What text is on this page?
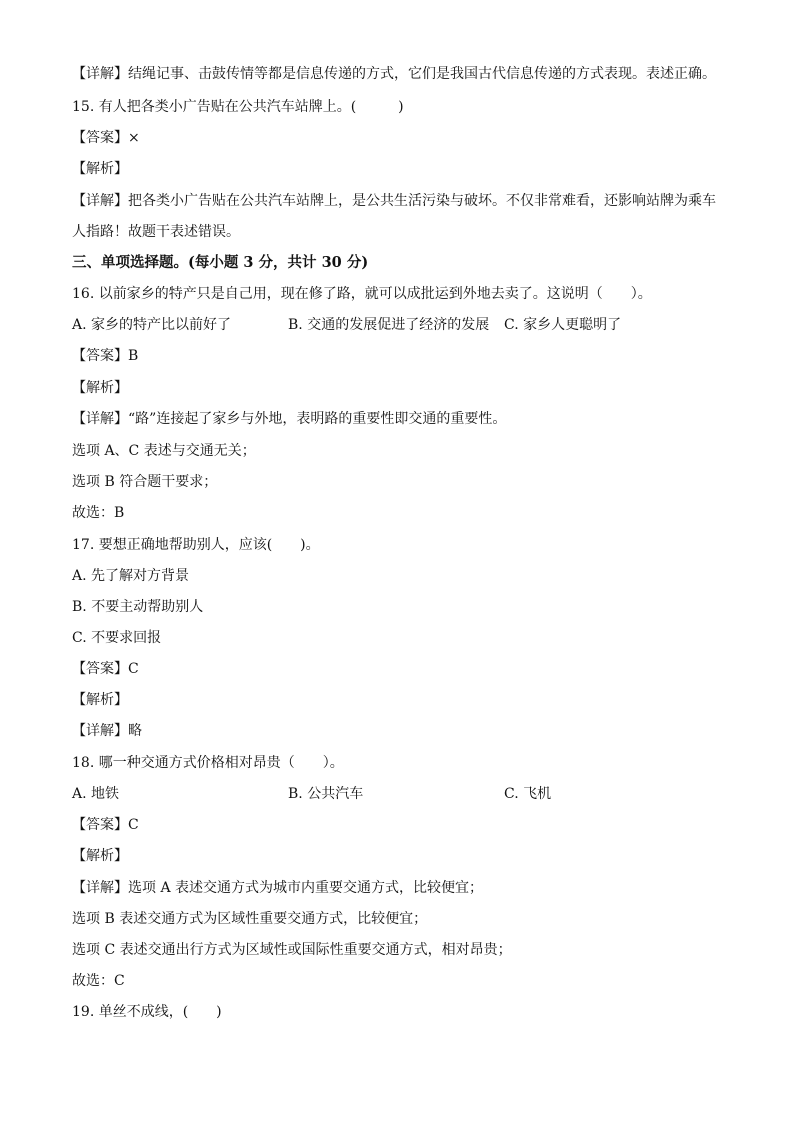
【详解】结绳记事、击鼓传情等都是信息传递的方式，它们是我国古代信息传递的方式表现。表述正确。
15. 有人把各类小广告贴在公共汽车站牌上。(　　　)
【答案】×
【解析】
【详解】把各类小广告贴在公共汽车站牌上，是公共生活污染与破坏。不仅非常难看，还影响站牌为乘车
人指路！故题干表述错误。
三、单项选择题。(每小题 3 分，共计 30 分)
16. 以前家乡的特产只是自己用，现在修了路，就可以成批运到外地去卖了。这说明（　　）。
A. 家乡的特产比以前好了	B. 交通的发展促进了经济的发展 C. 家乡人更聪明了
【答案】B
【解析】
【详解】“路”连接起了家乡与外地，表明路的重要性即交通的重要性。
选项 A、C 表述与交通无关；
选项 B 符合题干要求；
故选：B
17. 要想正确地帮助别人，应该(　　)。
A. 先了解对方背景
B. 不要主动帮助别人
C. 不要求回报
【答案】C
【解析】
【详解】略
18. 哪一种交通方式价格相对昂贵（　　）。
A. 地铁	B. 公共汽车	C. 飞机
【答案】C
【解析】
【详解】选项 A 表述交通方式为城市内重要交通方式，比较便宜；
选项 B 表述交通方式为区域性重要交通方式，比较便宜；
选项 C 表述交通出行方式为区域性或国际性重要交通方式，相对昂贵；
故选：C
19. 单丝不成线，(　　)
